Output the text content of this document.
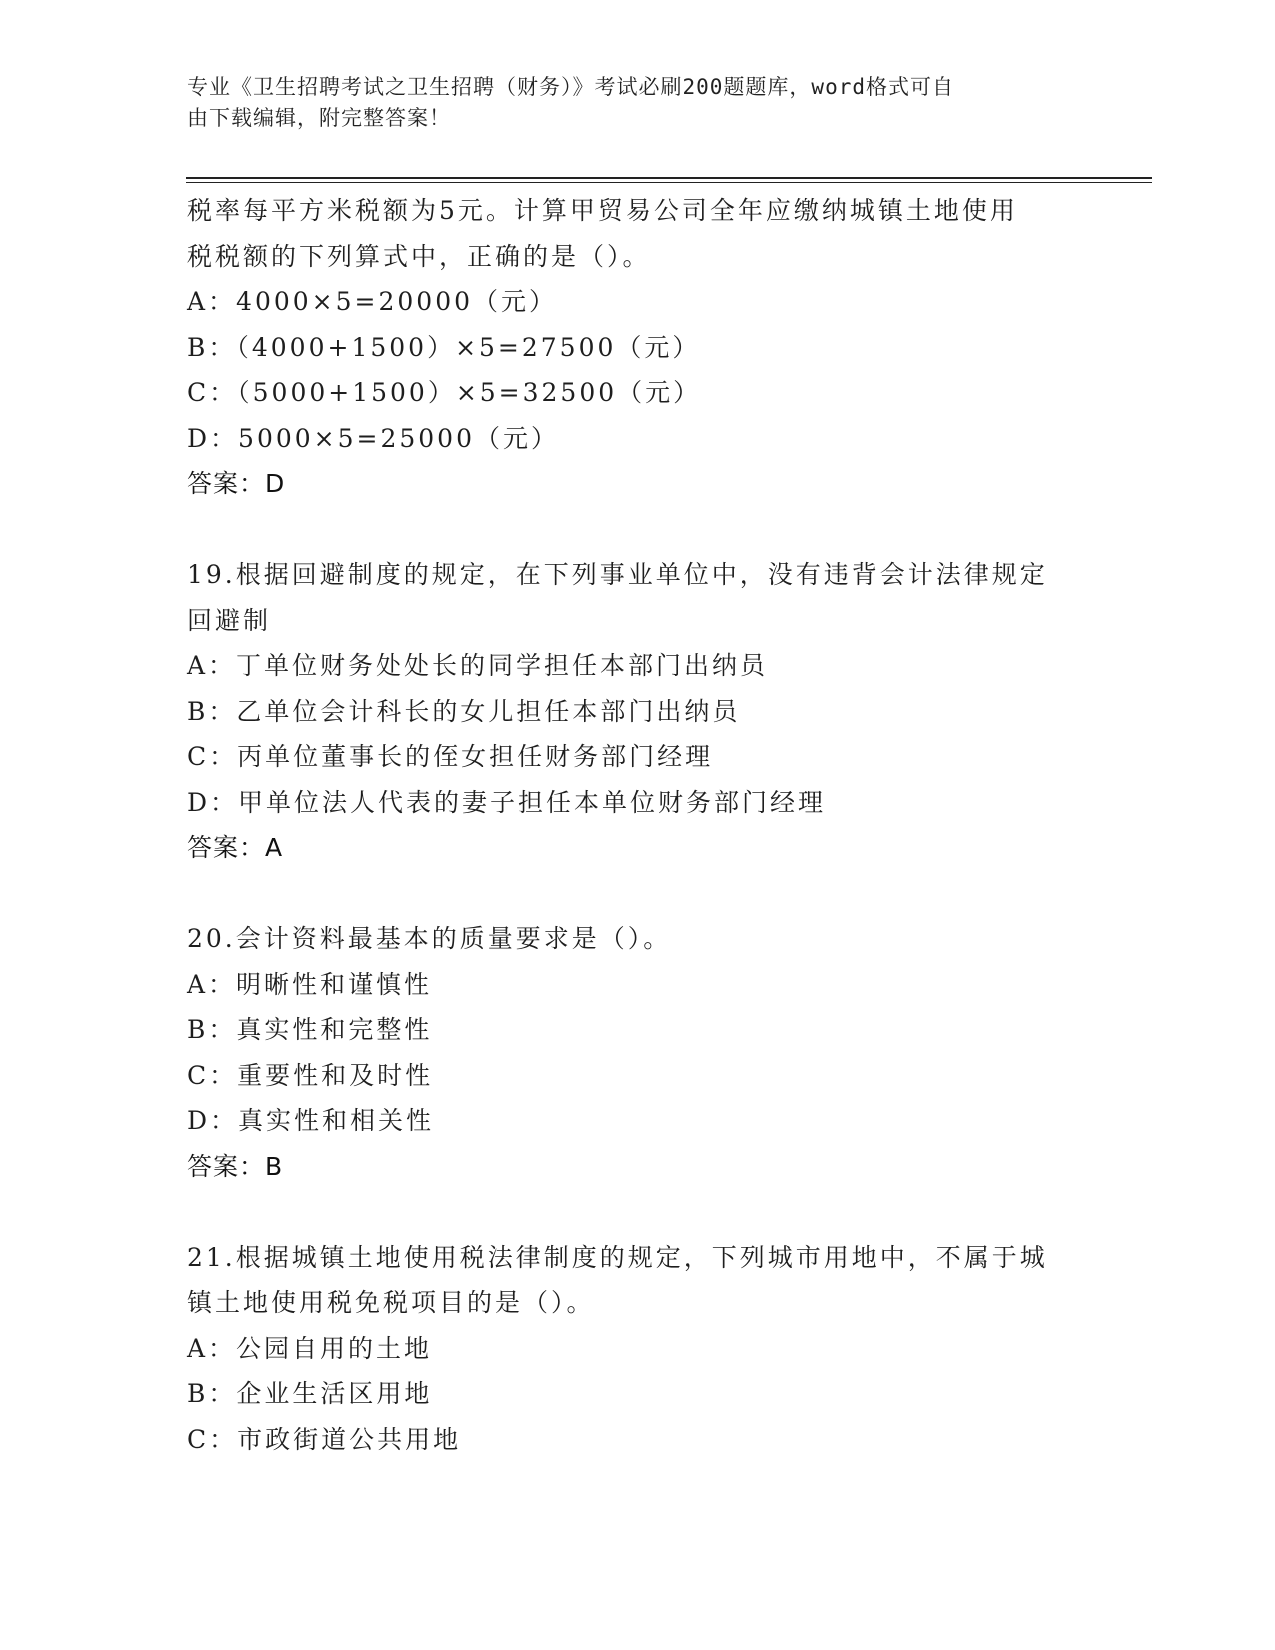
专业《卫生招聘考试之卫生招聘（财务）》考试必刷200题题库，word格式可自
由下载编辑，附完整答案！
税率每平方米税额为5元。计算甲贸易公司全年应缴纳城镇土地使用
税税额的下列算式中，正确的是（）。
A：4000×5=20000（元）
B：（4000+1500）×5=27500（元）
C：（5000+1500）×5=32500（元）
D：5000×5=25000（元）
答案：D
19.根据回避制度的规定，在下列事业单位中，没有违背会计法律规定
回避制
A：丁单位财务处处长的同学担任本部门出纳员
B：乙单位会计科长的女儿担任本部门出纳员
C：丙单位董事长的侄女担任财务部门经理
D：甲单位法人代表的妻子担任本单位财务部门经理
答案：A
20.会计资料最基本的质量要求是（）。
A：明晰性和谨慎性
B：真实性和完整性
C：重要性和及时性
D：真实性和相关性
答案：B
21.根据城镇土地使用税法律制度的规定，下列城市用地中，不属于城
镇土地使用税免税项目的是（）。
A：公园自用的土地
B：企业生活区用地
C：市政街道公共用地
